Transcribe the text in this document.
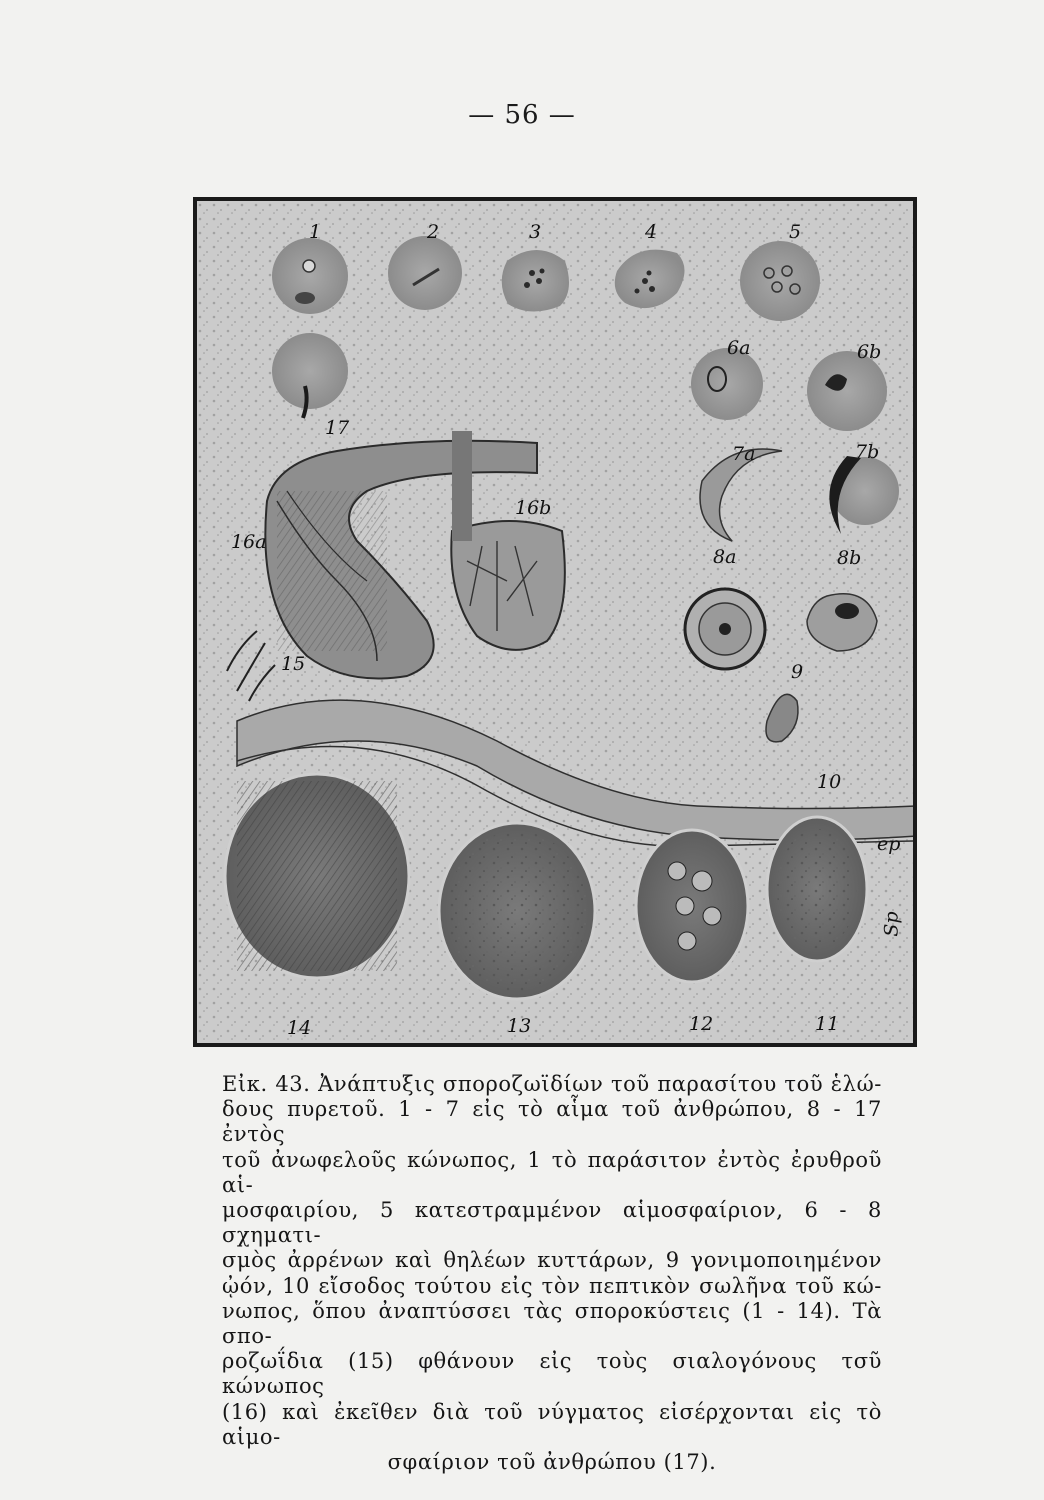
— 56 —
1	2	3	4	5
6a	6b
7a	7b
8a	8b
9
10
11
12
13
14
15
16a
16b
17
ep
Sp
Εἰκ. 43. Ἀνάπτυξις σποροζωϊδίων τοῦ παρασίτου τοῦ ἑλώ-
δους πυρετοῦ. 1 - 7 εἰς τὸ αἷμα τοῦ ἀνθρώπου, 8 - 17 ἐντὸς
τοῦ ἀνωφελοῦς κώνωπος, 1 τὸ παράσιτον ἐντὸς ἐρυθροῦ αἱ-
μοσφαιρίου, 5 κατεστραμμένον αἱμοσφαίριον, 6 - 8 σχηματι-
σμὸς ἀρρένων καὶ θηλέων κυττάρων, 9 γονιμοποιημένον
ᾠόν, 10 εἴσοδος τούτου εἰς τὸν πεπτικὸν σωλῆνα τοῦ κώ-
νωπος, ὅπου ἀναπτύσσει τὰς σποροκύστεις (1 - 14). Τὰ σπο-
ροζωΐδια (15) φθάνουν εἰς τοὺς σιαλογόνους τσῦ κώνωπος
(16) καὶ ἐκεῖθεν διὰ τοῦ νύγματος εἰσέρχονται εἰς τὸ αἱμο-
σφαίριον τοῦ ἀνθρώπου (17).
